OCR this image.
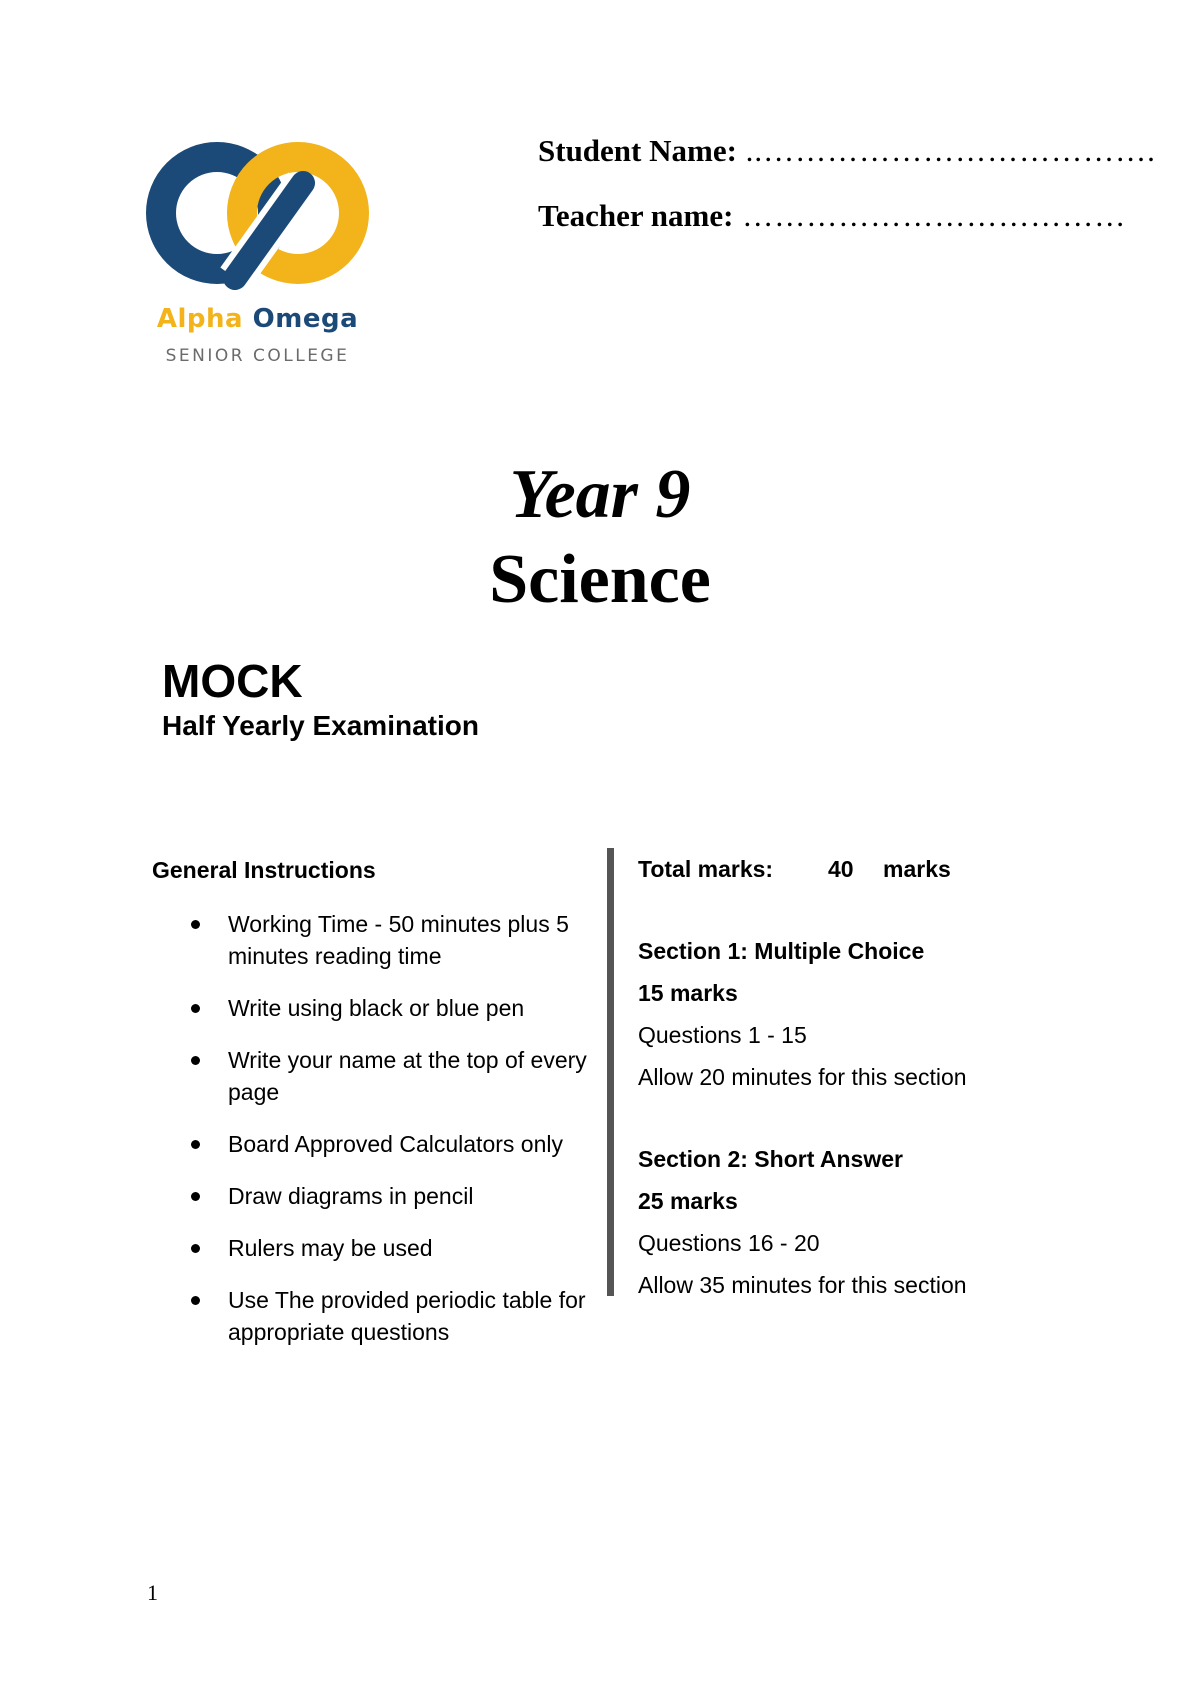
Alpha Omega
SENIOR COLLEGE
Student Name: ..……………………………….
Teacher name: ………………………………
Year 9
Science
MOCK
Half Yearly Examination
General Instructions
Working Time - 50 minutes plus 5 minutes reading time
Write using black or blue pen
Write your name at the top of every page
Board Approved Calculators only
Draw diagrams in pencil
Rulers may be used
Use The provided periodic table for appropriate questions
Total marks: 40 marks
Section 1: Multiple Choice
15 marks
Questions 1 - 15
Allow 20 minutes for this section
Section 2: Short Answer
25 marks
Questions 16 - 20
Allow 35 minutes for this section
1
